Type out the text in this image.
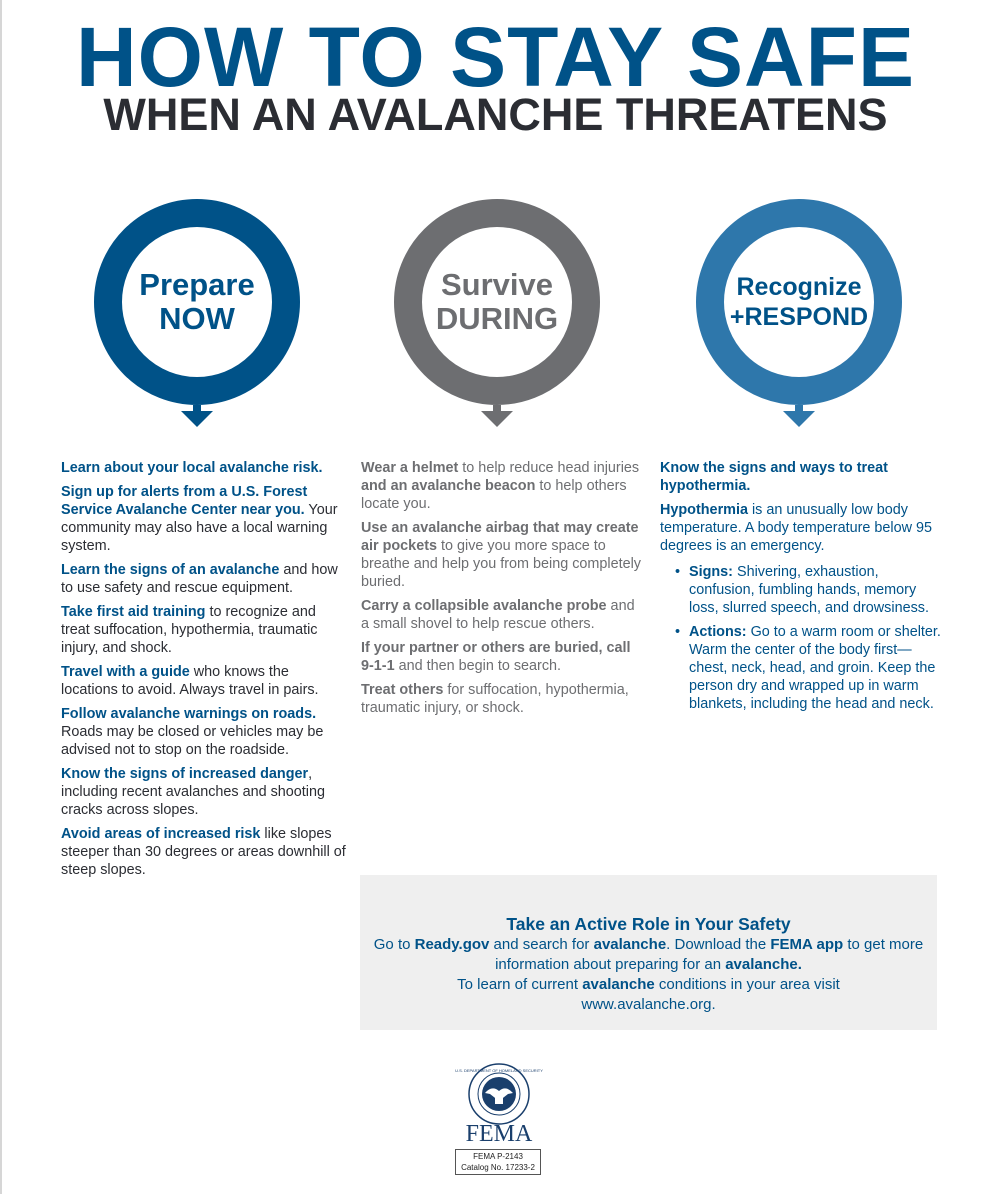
HOW TO STAY SAFE
WHEN AN AVALANCHE THREATENS
Prepare
NOW
Survive
DURING
Recognize
+RESPOND

Learn about your local avalanche risk.

Sign up for alerts from a U.S. Forest Service Avalanche Center near you. Your community may also have a local warning system.

Learn the signs of an avalanche and how to use safety and rescue equipment.

Take first aid training to recognize and treat suffocation, hypothermia, traumatic injury, and shock.

Travel with a guide who knows the locations to avoid. Always travel in pairs.

Follow avalanche warnings on roads. Roads may be closed or vehicles may be advised not to stop on the roadside.

Know the signs of increased danger, including recent avalanches and shooting cracks across slopes.

Avoid areas of increased risk like slopes steeper than 30 degrees or areas downhill of steep slopes.

Wear a helmet to help reduce head injuries and an avalanche beacon to help others locate you.

Use an avalanche airbag that may create air pockets to give you more space to breathe and help you from being completely buried.

Carry a collapsible avalanche probe and a small shovel to help rescue others.

If your partner or others are buried, call 9-1-1 and then begin to search.

Treat others for suffocation, hypothermia, traumatic injury, or shock.

Know the signs and ways to treat hypothermia.

Hypothermia is an unusually low body temperature. A body temperature below 95 degrees is an emergency.

• Signs: Shivering, exhaustion, confusion, fumbling hands, memory loss, slurred speech, and drowsiness.
• Actions: Go to a warm room or shelter. Warm the center of the body first—chest, neck, head, and groin. Keep the person dry and wrapped up in warm blankets, including the head and neck.
Take an Active Role in Your Safety
Go to Ready.gov and search for avalanche. Download the FEMA app to get more information about preparing for an avalanche.
To learn of current avalanche conditions in your area visit
www.avalanche.org.
U.S. DEPARTMENT OF HOMELAND SECURITY
FEMA
FEMA P-2143
Catalog No. 17233-2
